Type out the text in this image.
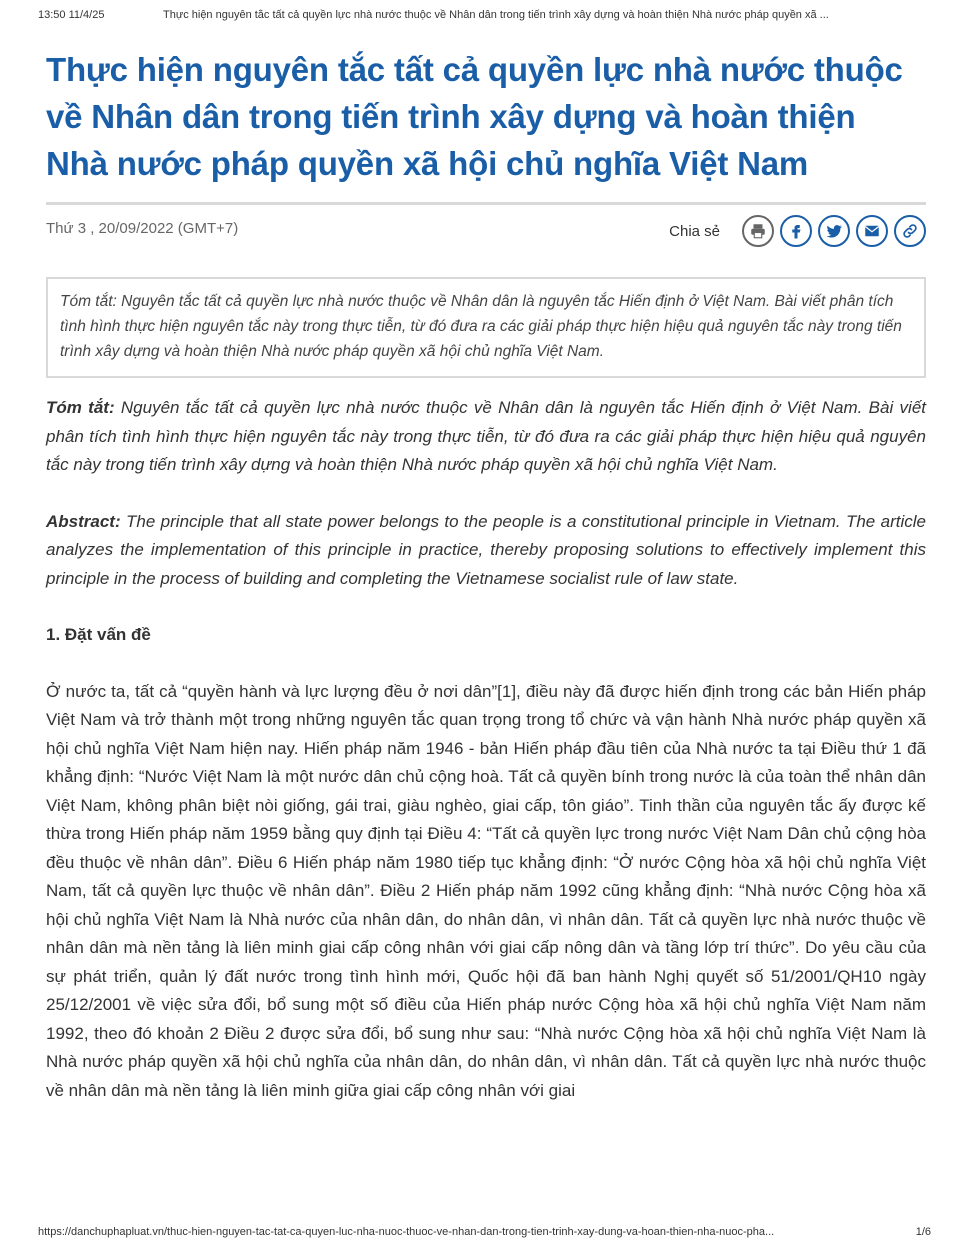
13:50 11/4/25	Thực hiện nguyên tắc tất cả quyền lực nhà nước thuộc về Nhân dân trong tiến trình xây dựng và hoàn thiện Nhà nước pháp quyền xã ...
Thực hiện nguyên tắc tất cả quyền lực nhà nước thuộc về Nhân dân trong tiến trình xây dựng và hoàn thiện Nhà nước pháp quyền xã hội chủ nghĩa Việt Nam
Thứ 3 , 20/09/2022 (GMT+7)	Chia sẻ
Tóm tắt: Nguyên tắc tất cả quyền lực nhà nước thuộc về Nhân dân là nguyên tắc Hiến định ở Việt Nam. Bài viết phân tích tình hình thực hiện nguyên tắc này trong thực tiễn, từ đó đưa ra các giải pháp thực hiện hiệu quả nguyên tắc này trong tiến trình xây dựng và hoàn thiện Nhà nước pháp quyền xã hội chủ nghĩa Việt Nam.

Tóm tắt: Nguyên tắc tất cả quyền lực nhà nước thuộc về Nhân dân là nguyên tắc Hiến định ở Việt Nam. Bài viết phân tích tình hình thực hiện nguyên tắc này trong thực tiễn, từ đó đưa ra các giải pháp thực hiện hiệu quả nguyên tắc này trong tiến trình xây dựng và hoàn thiện Nhà nước pháp quyền xã hội chủ nghĩa Việt Nam.

Abstract: The principle that all state power belongs to the people is a constitutional principle in Vietnam. The article analyzes the implementation of this principle in practice, thereby proposing solutions to effectively implement this principle in the process of building and completing the Vietnamese socialist rule of law state.

1. Đặt vấn đề

Ở nước ta, tất cả “quyền hành và lực lượng đều ở nơi dân”[1], điều này đã được hiến định trong các bản Hiến pháp Việt Nam và trở thành một trong những nguyên tắc quan trọng trong tổ chức và vận hành Nhà nước pháp quyền xã hội chủ nghĩa Việt Nam hiện nay. Hiến pháp năm 1946 - bản Hiến pháp đầu tiên của Nhà nước ta tại Điều thứ 1 đã khẳng định: “Nước Việt Nam là một nước dân chủ cộng hoà. Tất cả quyền bính trong nước là của toàn thể nhân dân Việt Nam, không phân biệt nòi giống, gái trai, giàu nghèo, giai cấp, tôn giáo”. Tinh thần của nguyên tắc ấy được kế thừa trong Hiến pháp năm 1959 bằng quy định tại Điều 4: “Tất cả quyền lực trong nước Việt Nam Dân chủ cộng hòa đều thuộc về nhân dân”. Điều 6 Hiến pháp năm 1980 tiếp tục khẳng định: “Ở nước Cộng hòa xã hội chủ nghĩa Việt Nam, tất cả quyền lực thuộc về nhân dân”. Điều 2 Hiến pháp năm 1992 cũng khẳng định: “Nhà nước Cộng hòa xã hội chủ nghĩa Việt Nam là Nhà nước của nhân dân, do nhân dân, vì nhân dân. Tất cả quyền lực nhà nước thuộc về nhân dân mà nền tảng là liên minh giai cấp công nhân với giai cấp nông dân và tầng lớp trí thức”. Do yêu cầu của sự phát triển, quản lý đất nước trong tình hình mới, Quốc hội đã ban hành Nghị quyết số 51/2001/QH10 ngày 25/12/2001 về việc sửa đổi, bổ sung một số điều của Hiến pháp nước Cộng hòa xã hội chủ nghĩa Việt Nam năm 1992, theo đó khoản 2 Điều 2 được sửa đổi, bổ sung như sau: “Nhà nước Cộng hòa xã hội chủ nghĩa Việt Nam là Nhà nước pháp quyền xã hội chủ nghĩa của nhân dân, do nhân dân, vì nhân dân. Tất cả quyền lực nhà nước thuộc về nhân dân mà nền tảng là liên minh giữa giai cấp công nhân với giai

https://danchuphapluat.vn/thuc-hien-nguyen-tac-tat-ca-quyen-luc-nha-nuoc-thuoc-ve-nhan-dan-trong-tien-trinh-xay-dung-va-hoan-thien-nha-nuoc-pha...	1/6
